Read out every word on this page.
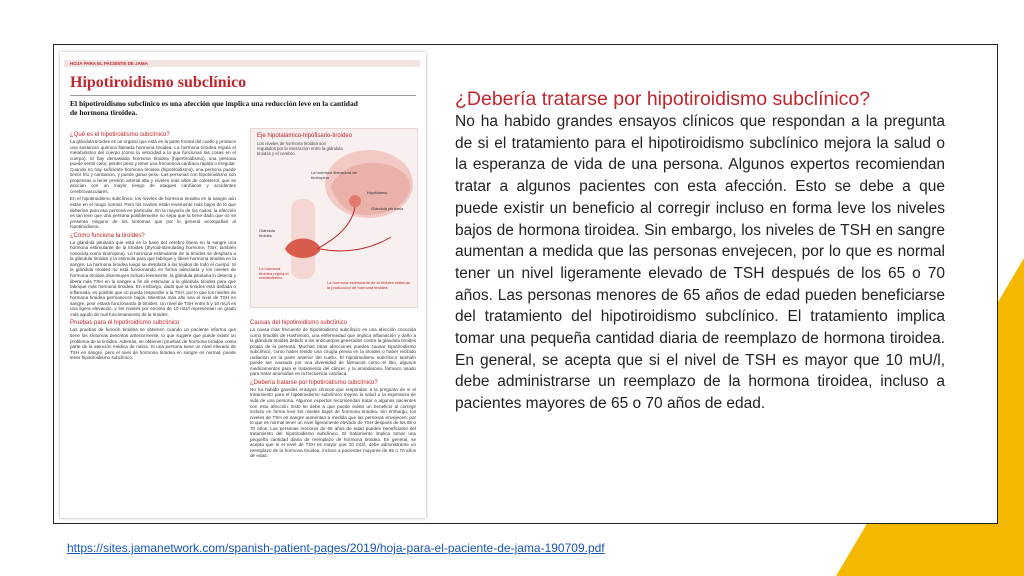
HOJA PARA EL PACIENTE DE JAMA
Hipotiroidismo subclínico
El hipotiroidismo subclínico es una afección que implica una reducción leve en la cantidad de hormona tiroidea.
¿Qué es el hipotiroidismo subclínico?

La glándula tiroides es un órgano que está en la parte frontal del cuello y produce una sustancia química llamada hormona tiroidea. La hormona tiroidea regula el metabolismo del cuerpo (como la velocidad a la que funcionan las cosas en el cuerpo). Si hay demasiada hormona tiroidea (hipertiroidismo), una persona puede sentir calor, perder peso y tener una frecuencia cardíaca rápida o irregular. Cuando no hay suficiente hormona tiroidea (hipotiroidismo), una persona puede sentir frío y cansancio, y puede ganar peso. Las personas con hipotiroidismo son propensas a tener presión arterial alta y niveles más altos de colesterol, que se asocian con un mayor riesgo de ataques cardíacos y accidentes cerebrovasculares.

En el hipotiroidismo subclínico, los niveles de hormona tiroidea en la sangre aún están en el rango normal. Pero los niveles están levemente más bajos de lo que deberían para esa persona en particular. En la mayoría de los casos, la afección es tan leve que una persona posiblemente no sepa que la tiene dado que no se presenta ninguno de los síntomas que por lo general acompañan al hipotiroidismo.

¿Cómo funciona la tiroides?

La glándula pituitaria que está en la base del cerebro libera en la sangre una hormona estimulante de la tiroides (thyroid-stimulating hormone, TSH; también conocida como tirotropina). La hormona estimulante de la tiroides se desplaza a la glándula tiroides y la estimula para que fabrique y libere hormona tiroidea en la sangre. La hormona tiroidea luego se desplaza a los tejidos de todo el cuerpo. Si la glándula tiroides no está funcionando en forma adecuada y los niveles de hormona tiroidea disminuyen incluso levemente, la glándula pituitaria lo detecta y libera más TSH en la sangre a fin de estimular a la glándula tiroides para que fabrique más hormona tiroidea. En embargo, dado que la tiroides está dañada o inflamada, es posible que no pueda responder a la TSH, por lo que los niveles de hormona tiroidea permanecen bajos. Mientras más alto sea el nivel de TSH en sangre, peor estará funcionando la tiroides. Un nivel de TSH entre 5 y 10 mU/l es una ligera elevación, y los niveles por encima de 10 mU/l representan un grado más agudo de mal funcionamiento de la tiroides.

Pruebas para el hipotiroidismo subclínico

Las pruebas de función tiroidea se obtienen cuando un paciente informa que tiene los síntomas descritos anteriormente, lo que sugiere que puede existir un problema de la tiroides. Además, se obtienen pruebas de hormona tiroidea como parte de la atención médica de rutina. Si una persona tiene un nivel elevado de TSH en sangre, pero el nivel de hormona tiroidea en sangre es normal, puede tener hipotiroidismo subclínico.

Eje hipotalámico-hipofisario-tiroideo
Los niveles de hormona tiroidea son regulados por la interacción entre la glándula tiroides y el cerebro.
La hormona liberadora de tirotropina
Hipotálamo
Glándula pituitaria
Glándula tiroides
La hormona tiroidea regula el metabolismo.
La hormona estimulante de la tiroides estimula la producción de hormona tiroidea
Causas del hipotiroidismo subclínico

La causa más frecuente de hipotiroidismo subclínico es una afección conocida como tiroiditis de Hashimoto, una enfermedad que implica inflamación y daño a la glándula tiroides debido a los anticuerpos generados contra la glándula tiroides propia de la persona. Muchas otras afecciones pueden causar hipotiroidismo subclínico, como haber tenido una cirugía previa en la tiroides o haber recibido radiación en la parte anterior del cuello. El hipotiroidismo subclínico también puede ser causado por una diversidad de fármacos como el litio, algunos medicamentos para el tratamiento del cáncer, y la amiodarona, fármaco usado para tratar anomalías en la frecuencia cardíaca.

¿Debería tratarse por hipotiroidismo subclínico?

No ha habido grandes ensayos clínicos que respondan a la pregunta de si el tratamiento para el hipotiroidismo subclínico mejora la salud o la esperanza de vida de una persona. Algunos expertos recomiendan tratar a algunos pacientes con esta afección. Esto se debe a que puede existir un beneficio al corregir incluso en forma leve los niveles bajos de hormona tiroidea. Sin embargo, los niveles de TSH en sangre aumentan a medida que las personas envejecen, por lo que es normal tener un nivel ligeramente elevado de TSH después de los 65 o 70 años. Las personas menores de 65 años de edad pueden beneficiarse del tratamiento del hipotiroidismo subclínico. El tratamiento implica tomar una pequeña cantidad diaria de reemplazo de hormona tiroidea. En general, se acepta que si el nivel de TSH es mayor que 10 mU/l, debe administrarse un reemplazo de la hormona tiroidea, incluso a pacientes mayores de 65 o 70 años de edad.

¿Debería tratarse por hipotiroidismo subclínico?
No ha habido grandes ensayos clínicos que respondan a la pregunta de si el tratamiento para el hipotiroidismo subclínico mejora la salud o la esperanza de vida de una persona. Algunos expertos recomiendan tratar a algunos pacientes con esta afección. Esto se debe a que puede existir un beneficio al corregir incluso en forma leve los niveles bajos de hormona tiroidea. Sin embargo, los niveles de TSH en sangre aumentan a medida que las personas envejecen, por lo que es normal tener un nivel ligeramente elevado de TSH después de los 65 o 70 años. Las personas menores de 65 años de edad pueden beneficiarse del tratamiento del hipotiroidismo subclínico. El tratamiento implica tomar una pequeña cantidad diaria de reemplazo de hormona tiroidea. En general, se acepta que si el nivel de TSH es mayor que 10 mU/l, debe administrarse un reemplazo de la hormona tiroidea, incluso a pacientes mayores de 65 o 70 años de edad.
https://sites.jamanetwork.com/spanish-patient-pages/2019/hoja-para-el-paciente-de-jama-190709.pdf
